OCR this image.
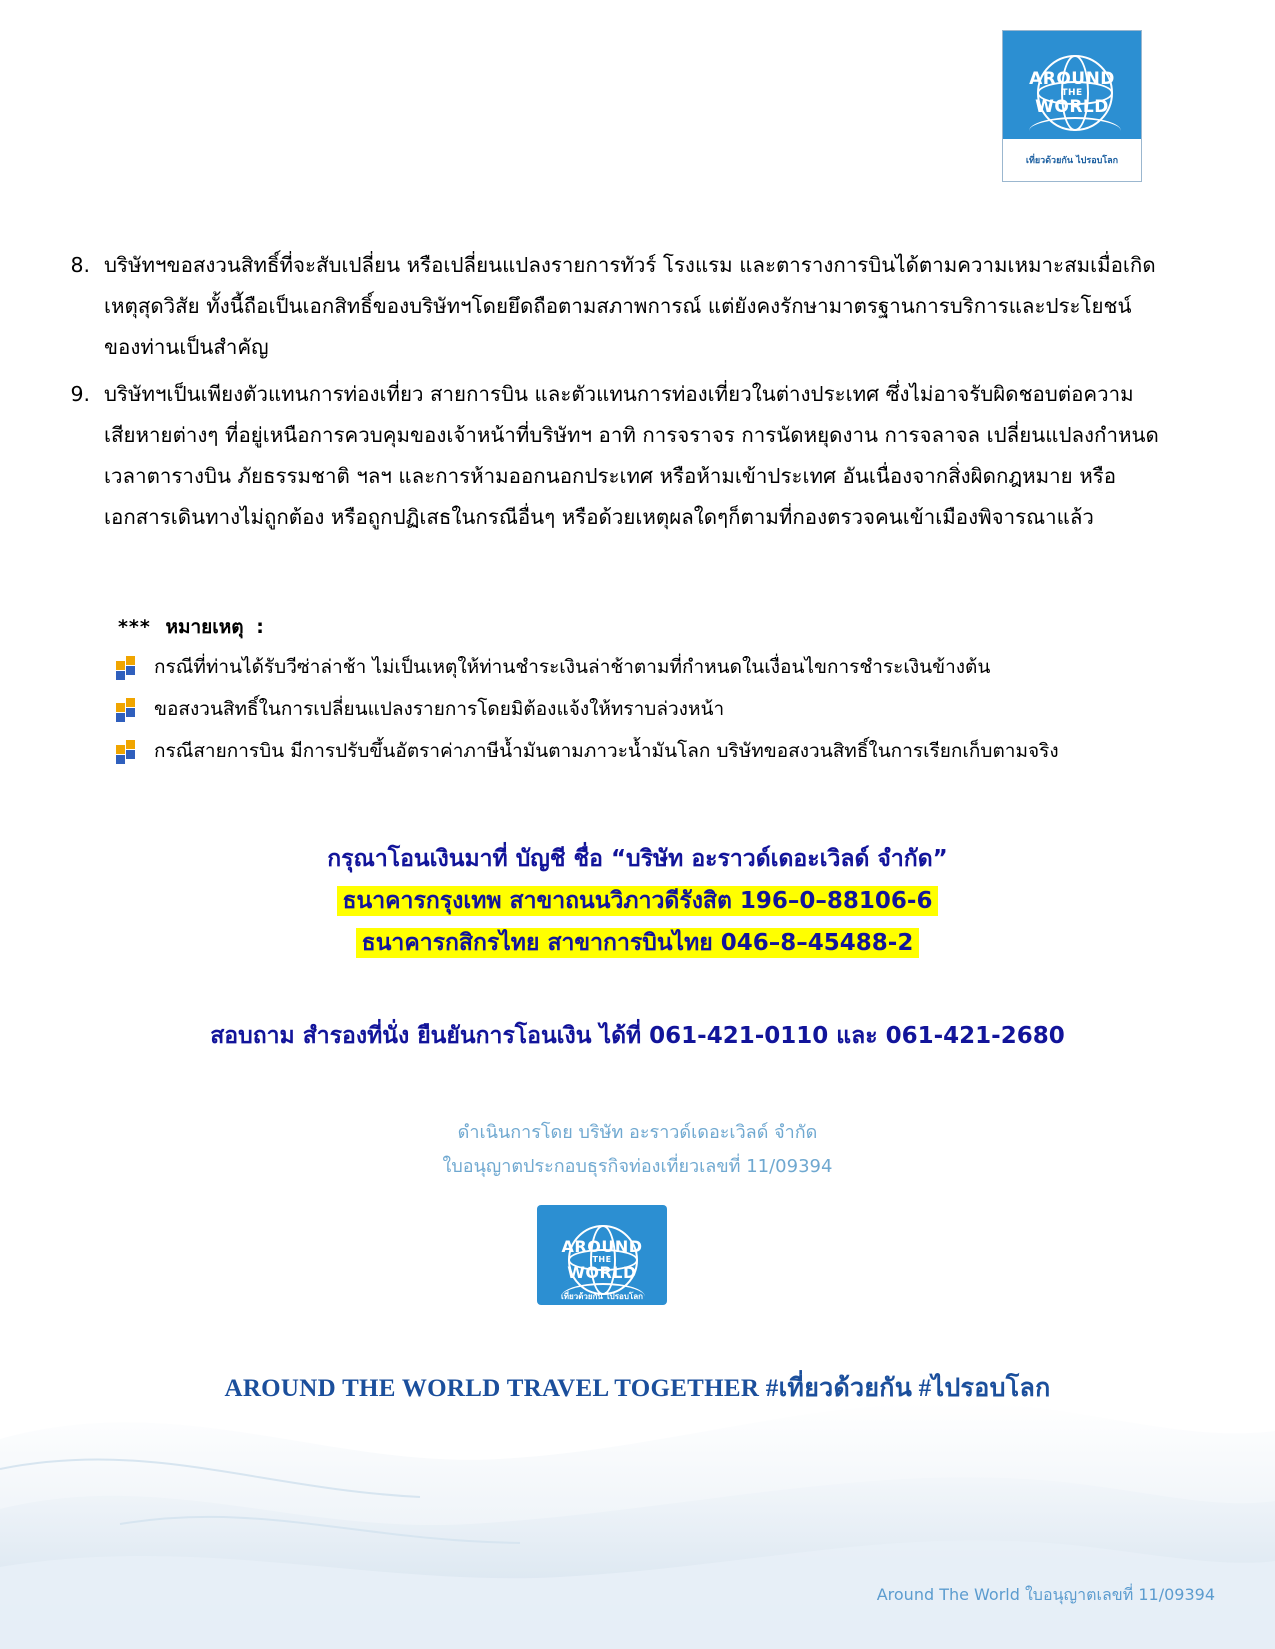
AROUND
THE
WORLD
เที่ยวด้วยกัน ไปรอบโลก
8. บริษัทฯขอสงวนสิทธิ์ที่จะสับเปลี่ยน หรือเปลี่ยนแปลงรายการทัวร์ โรงแรม และตารางการบินได้ตามความเหมาะสมเมื่อเกิดเหตุสุดวิสัย ทั้งนี้ถือเป็นเอกสิทธิ์ของบริษัทฯโดยยึดถือตามสภาพการณ์ แต่ยังคงรักษามาตรฐานการบริการและประโยชน์ของท่านเป็นสำคัญ
9. บริษัทฯเป็นเพียงตัวแทนการท่องเที่ยว สายการบิน และตัวแทนการท่องเที่ยวในต่างประเทศ ซึ่งไม่อาจรับผิดชอบต่อความเสียหายต่างๆ ที่อยู่เหนือการควบคุมของเจ้าหน้าที่บริษัทฯ อาทิ การจราจร การนัดหยุดงาน การจลาจล เปลี่ยนแปลงกำหนดเวลาตารางบิน ภัยธรรมชาติ ฯลฯ และการห้ามออกนอกประเทศ หรือห้ามเข้าประเทศ อันเนื่องจากสิ่งผิดกฎหมาย หรือเอกสารเดินทางไม่ถูกต้อง หรือถูกปฏิเสธในกรณีอื่นๆ หรือด้วยเหตุผลใดๆก็ตามที่กองตรวจคนเข้าเมืองพิจารณาแล้ว
*** หมายเหตุ :
กรณีที่ท่านได้รับวีซ่าล่าช้า ไม่เป็นเหตุให้ท่านชำระเงินล่าช้าตามที่กำหนดในเงื่อนไขการชำระเงินข้างต้น
ขอสงวนสิทธิ์ในการเปลี่ยนแปลงรายการโดยมิต้องแจ้งให้ทราบล่วงหน้า
กรณีสายการบิน มีการปรับขึ้นอัตราค่าภาษีน้ำมันตามภาวะน้ำมันโลก บริษัทขอสงวนสิทธิ์ในการเรียกเก็บตามจริง
กรุณาโอนเงินมาที่ บัญชี ชื่อ “บริษัท อะราวด์เดอะเวิลด์ จำกัด”
ธนาคารกรุงเทพ สาขาถนนวิภาวดีรังสิต 196–0–88106-6
ธนาคารกสิกรไทย สาขาการบินไทย 046–8–45488-2
สอบถาม สำรองที่นั่ง ยืนยันการโอนเงิน ได้ที่ 061-421-0110 และ 061-421-2680
ดำเนินการโดย บริษัท อะราวด์เดอะเวิลด์ จำกัด
ใบอนุญาตประกอบธุรกิจท่องเที่ยวเลขที่ 11/09394
AROUND
THE
WORLD
เที่ยวด้วยกัน ไปรอบโลก
AROUND THE WORLD TRAVEL TOGETHER #เที่ยวด้วยกัน #ไปรอบโลก
Around The World ใบอนุญาตเลขที่ 11/09394
